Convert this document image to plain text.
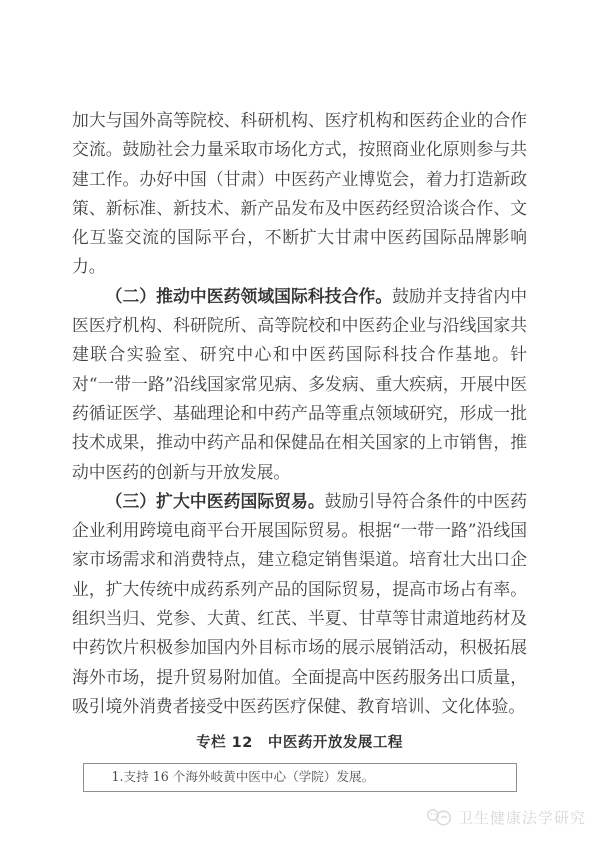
加大与国外高等院校、科研机构、医疗机构和医药企业的合作交流。鼓励社会力量采取市场化方式，按照商业化原则参与共建工作。办好中国（甘肃）中医药产业博览会，着力打造新政策、新标准、新技术、新产品发布及中医药经贸洽谈合作、文化互鉴交流的国际平台，不断扩大甘肃中医药国际品牌影响力。

（二）推动中医药领域国际科技合作。鼓励并支持省内中医医疗机构、科研院所、高等院校和中医药企业与沿线国家共建联合实验室、研究中心和中医药国际科技合作基地。针对“一带一路”沿线国家常见病、多发病、重大疾病，开展中医药循证医学、基础理论和中药产品等重点领域研究，形成一批技术成果，推动中药产品和保健品在相关国家的上市销售，推动中医药的创新与开放发展。

（三）扩大中医药国际贸易。鼓励引导符合条件的中医药企业利用跨境电商平台开展国际贸易。根据“一带一路”沿线国家市场需求和消费特点，建立稳定销售渠道。培育壮大出口企业，扩大传统中成药系列产品的国际贸易，提高市场占有率。组织当归、党参、大黄、红芪、半夏、甘草等甘肃道地药材及中药饮片积极参加国内外目标市场的展示展销活动，积极拓展海外市场，提升贸易附加值。全面提高中医药服务出口质量，吸引境外消费者接受中医药医疗保健、教育培训、文化体验。

专栏 12　中医药开放发展工程
1.支持 16 个海外岐黄中医中心（学院）发展。
卫生健康法学研究
